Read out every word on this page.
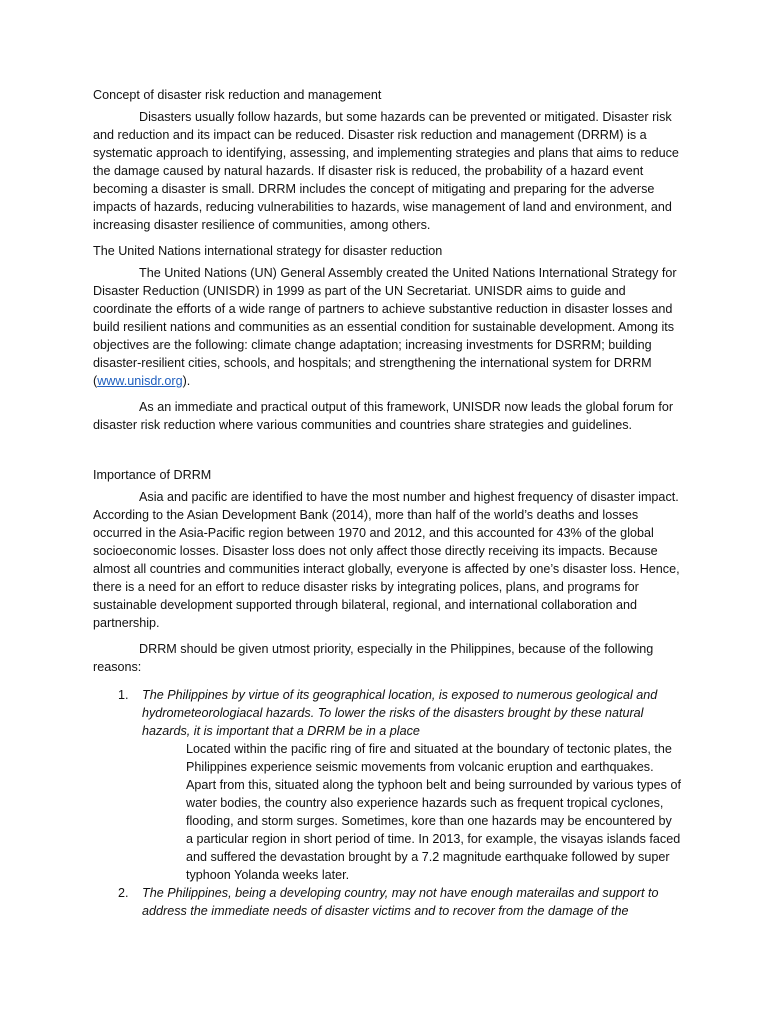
Concept of disaster risk reduction and management

Disasters usually follow hazards, but some hazards can be prevented or mitigated. Disaster risk and reduction and its impact can be reduced. Disaster risk reduction and management (DRRM) is a systematic approach to identifying, assessing, and implementing strategies and plans that aims to reduce the damage caused by natural hazards. If disaster risk is reduced, the probability of a hazard event becoming a disaster is small. DRRM includes the concept of mitigating and preparing for the adverse impacts of hazards, reducing vulnerabilities to hazards, wise management of land and environment, and increasing disaster resilience of communities, among others.

The United Nations international strategy for disaster reduction

The United Nations (UN) General Assembly created the United Nations International Strategy for Disaster Reduction (UNISDR) in 1999 as part of the UN Secretariat. UNISDR aims to guide and coordinate the efforts of a wide range of partners to achieve substantive reduction in disaster losses and build resilient nations and communities as an essential condition for sustainable development. Among its objectives are the following: climate change adaptation; increasing investments for DSRRM; building disaster-resilient cities, schools, and hospitals; and strengthening the international system for DRRM (www.unisdr.org).

As an immediate and practical output of this framework, UNISDR now leads the global forum for disaster risk reduction where various communities and countries share strategies and guidelines.

Importance of DRRM

Asia and pacific are identified to have the most number and highest frequency of disaster impact. According to the Asian Development Bank (2014), more than half of the world’s deaths and losses occurred in the Asia-Pacific region between 1970 and 2012, and this accounted for 43% of the global socioeconomic losses. Disaster loss does not only affect those directly receiving its impacts. Because almost all countries and communities interact globally, everyone is affected by one’s disaster loss. Hence, there is a need for an effort to reduce disaster risks by integrating polices, plans, and programs for sustainable development supported through bilateral, regional, and international collaboration and partnership.

DRRM should be given utmost priority, especially in the Philippines, because of the following reasons:

1. The Philippines by virtue of its geographical location, is exposed to numerous geological and hydrometeorologiacal hazards. To lower the risks of the disasters brought by these natural hazards, it is important that a DRRM be in a place

Located within the pacific ring of fire and situated at the boundary of tectonic plates, the Philippines experience seismic movements from volcanic eruption and earthquakes. Apart from this, situated along the typhoon belt and being surrounded by various types of water bodies, the country also experience hazards such as frequent tropical cyclones, flooding, and storm surges. Sometimes, kore than one hazards may be encountered by a particular region in short period of time. In 2013, for example, the visayas islands faced and suffered the devastation brought by a 7.2 magnitude earthquake followed by super typhoon Yolanda weeks later.

2. The Philippines, being a developing country, may not have enough materailas and support to address the immediate needs of disaster victims and to recover from the damage of the
